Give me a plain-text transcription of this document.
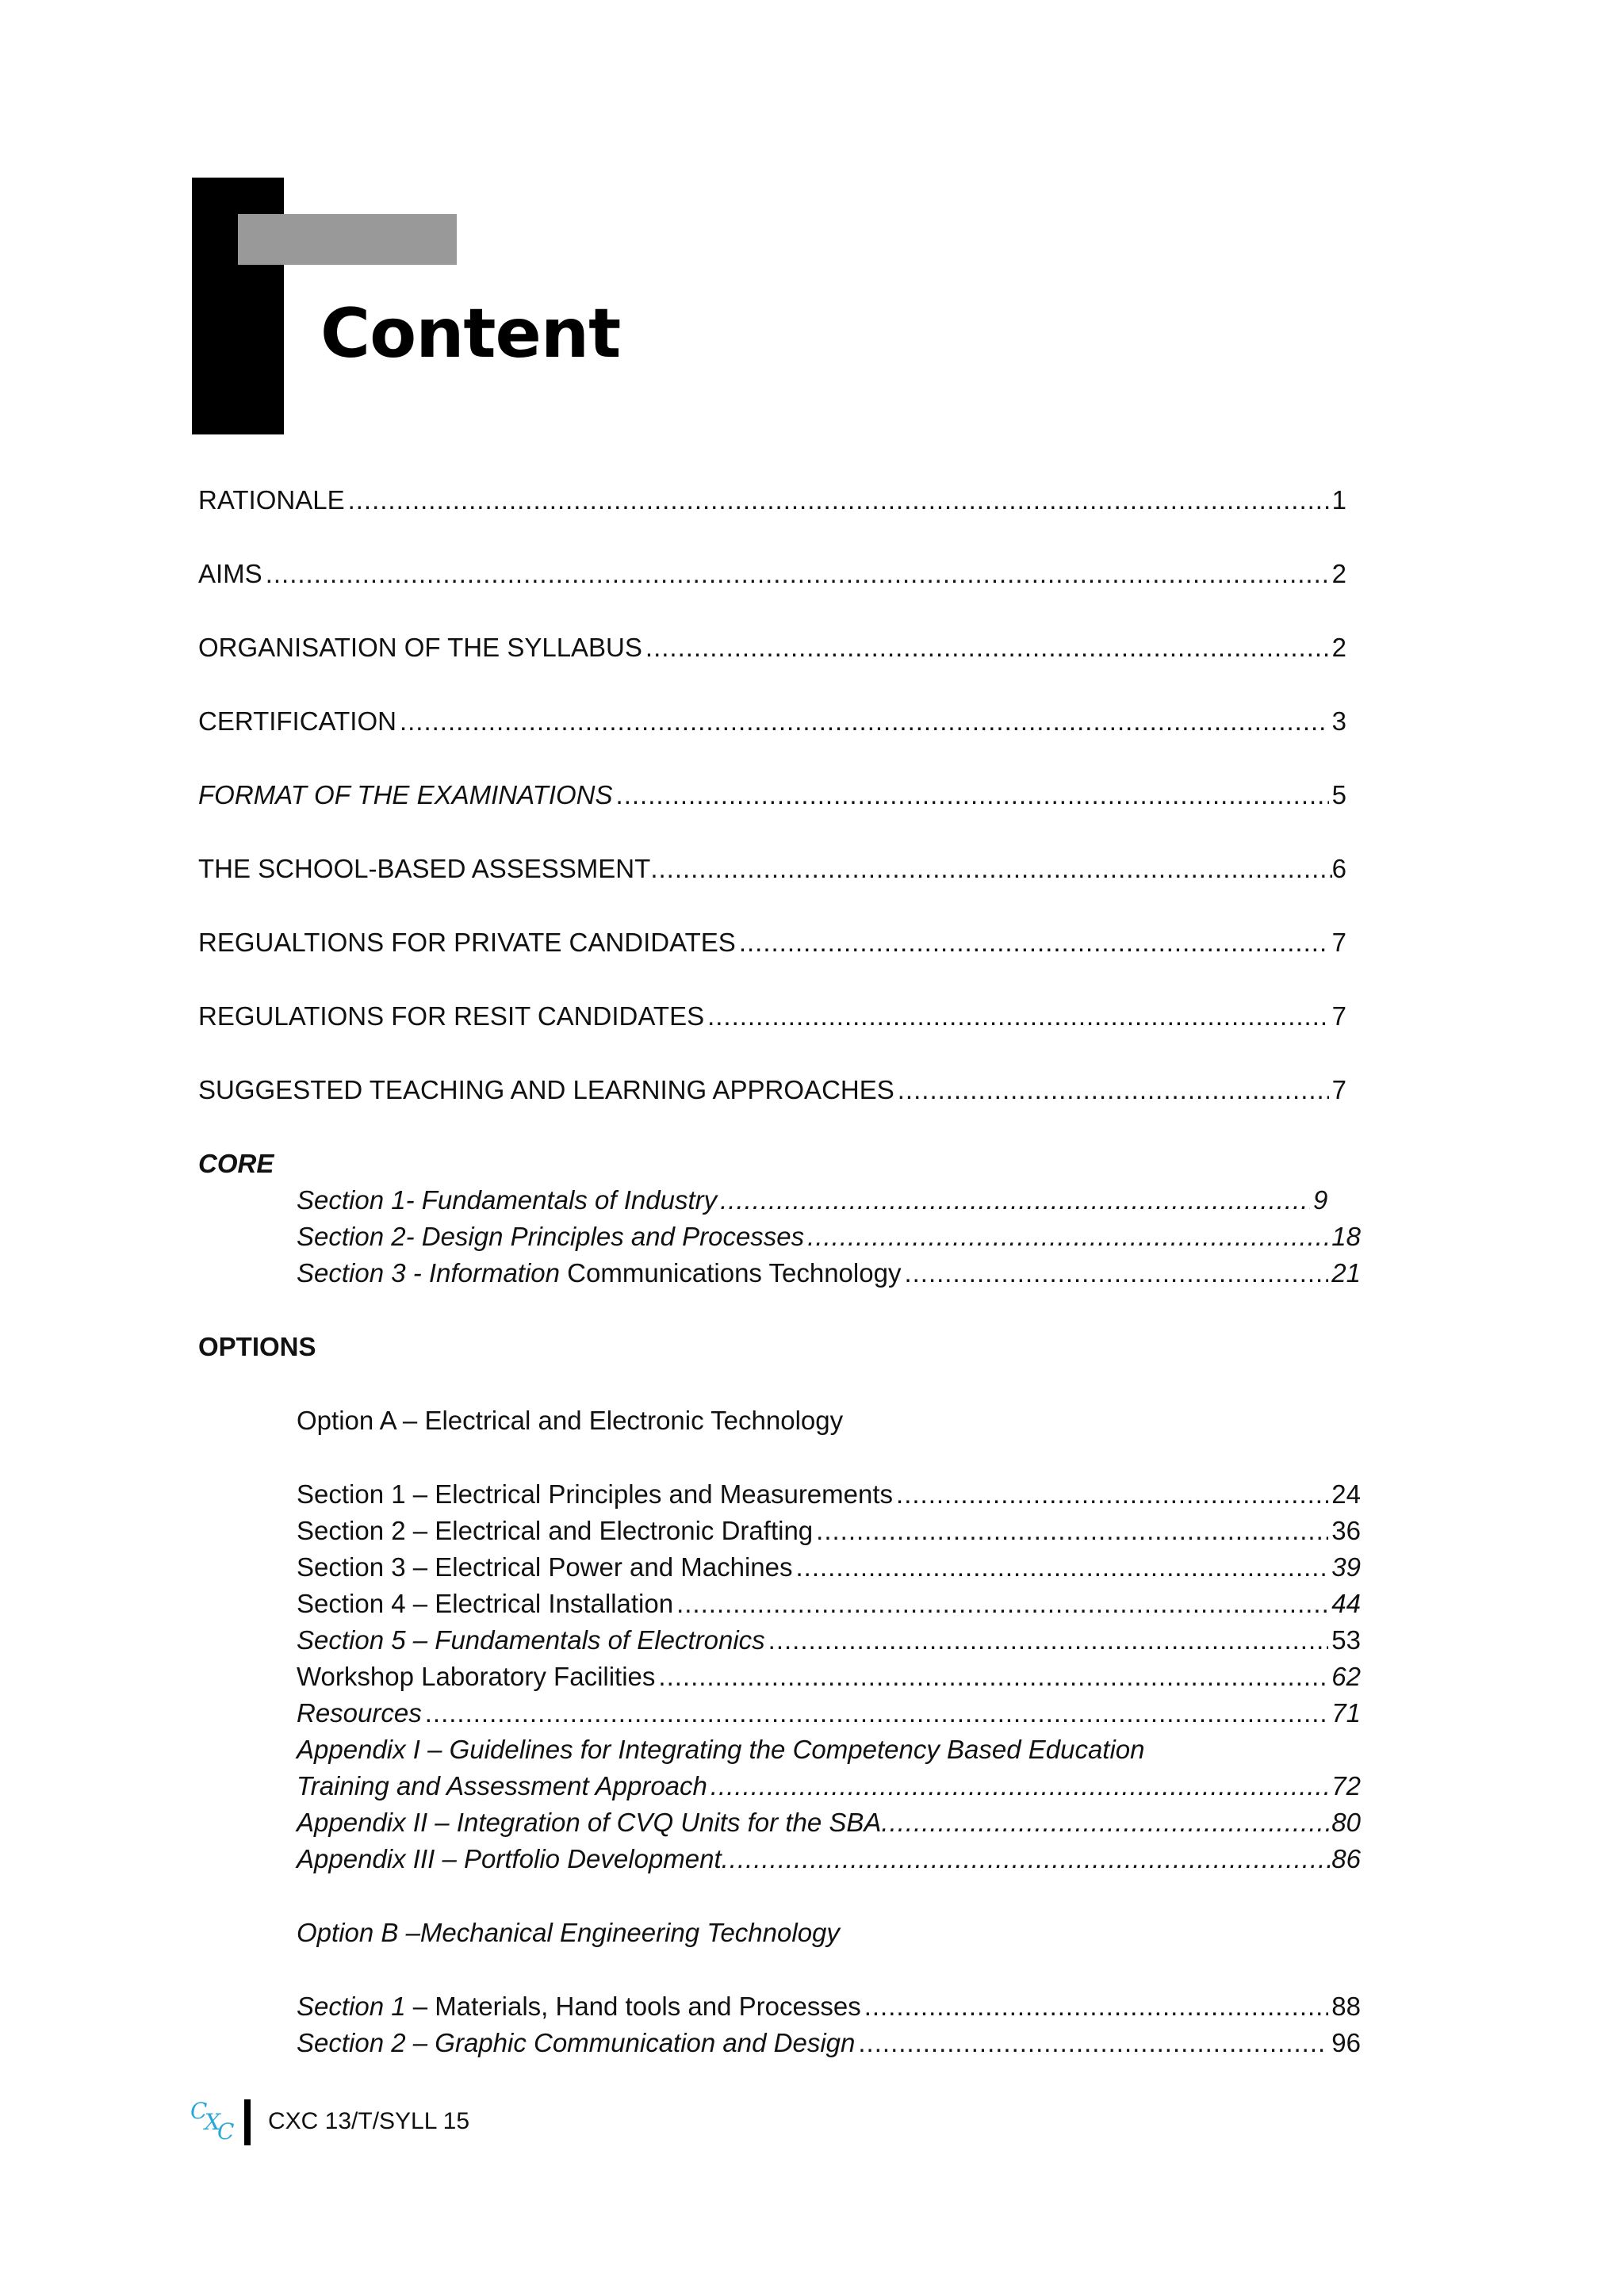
Content
RATIONALE .....	1
AIMS .....	2
ORGANISATION OF THE SYLLABUS .....	2
CERTIFICATION .....	3
FORMAT OF THE EXAMINATIONS .....	5
THE SCHOOL-BASED ASSESSMENT .....	6
REGUALTIONS FOR PRIVATE CANDIDATES .....	7
REGULATIONS FOR RESIT CANDIDATES .....	7
SUGGESTED TEACHING AND LEARNING APPROACHES .....	7
CORE
Section 1- Fundamentals of Industry .....	9
Section 2- Design Principles and Processes .....	18
Section 3 - Information Communications Technology .....	21
OPTIONS
Option A – Electrical and Electronic Technology
Section 1 – Electrical Principles and Measurements .....	24
Section 2 – Electrical and Electronic Drafting .....	36
Section 3 – Electrical Power and Machines .....	39
Section 4 – Electrical Installation .....	44
Section 5 – Fundamentals of Electronics .....	53
Workshop Laboratory Facilities .....	62
Resources .....	71
Appendix I – Guidelines for Integrating the Competency Based Education
Training and Assessment Approach .....	72
Appendix II – Integration of CVQ Units for the SBA .....	80
Appendix III – Portfolio Development .....	86
Option B –Mechanical Engineering Technology
Section 1 – Materials, Hand tools and Processes .....	88
Section 2 – Graphic Communication and Design .....	96
CXC CXC 13/T/SYLL 15
